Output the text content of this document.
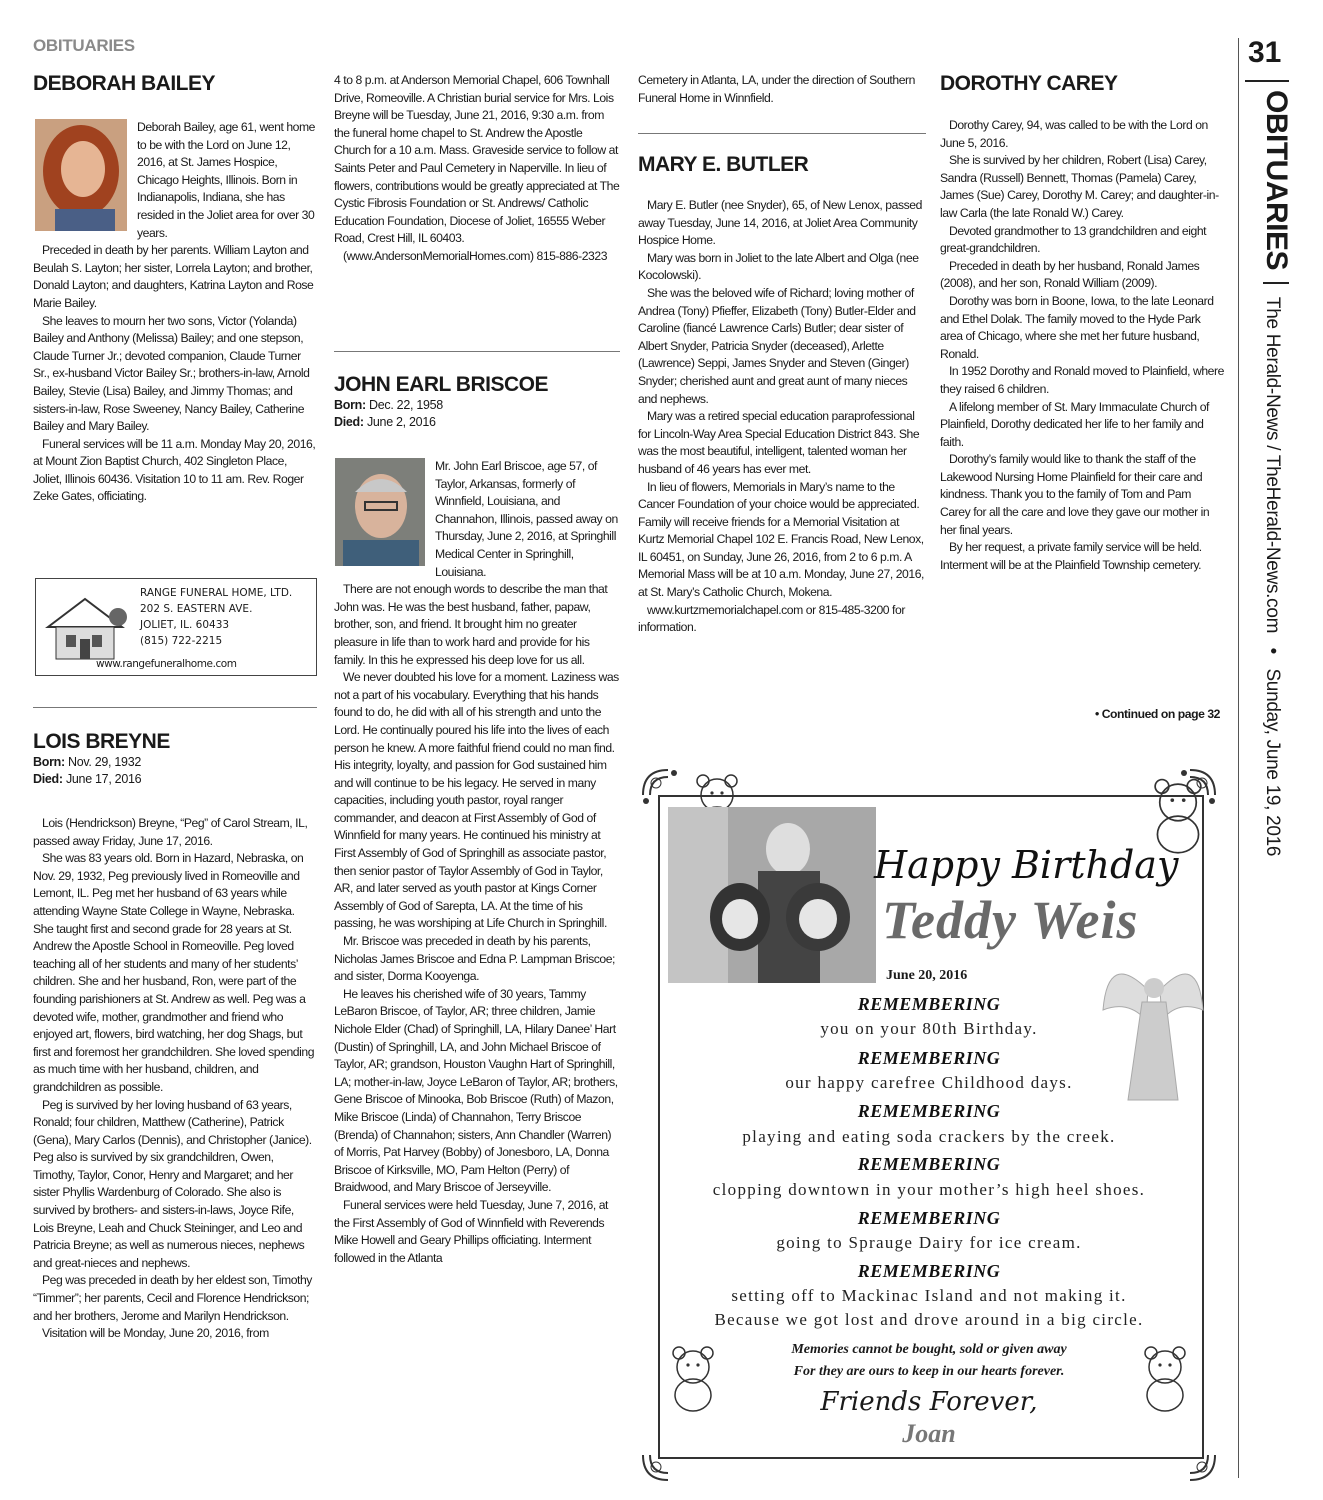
OBITUARIES
DEBORAH BAILEY

Deborah Bailey, age 61, went home to be with the Lord on June 12, 2016, at St. James Hospice, Chicago Heights, Illinois. Born in Indianapolis, Indiana, she has resided in the Joliet area for over 30 years.

Preceded in death by her parents. William Layton and Beulah S. Layton; her sister, Lorrela Layton; and brother, Donald Layton; and daughters, Katrina Layton and Rose Marie Bailey.

She leaves to mourn her two sons, Victor (Yolanda) Bailey and Anthony (Melissa) Bailey; and one stepson, Claude Turner Jr.; devoted companion, Claude Turner Sr., ex-husband Victor Bailey Sr.; brothers-in-law, Arnold Bailey, Stevie (Lisa) Bailey, and Jimmy Thomas; and sisters-in-law, Rose Sweeney, Nancy Bailey, Catherine Bailey and Mary Bailey.

Funeral services will be 11 a.m. Monday May 20, 2016, at Mount Zion Baptist Church, 402 Singleton Place, Joliet, Illinois 60436. Visitation 10 to 11 am. Rev. Roger Zeke Gates, officiating.

RANGE FUNERAL HOME, LTD.
202 S. EASTERN AVE.
JOLIET, IL. 60433
(815) 722-2215
www.rangefuneralhome.com
LOIS BREYNE
Born: Nov. 29, 1932
Died: June 17, 2016

Lois (Hendrickson) Breyne, “Peg” of Carol Stream, IL, passed away Friday, June 17, 2016.

She was 83 years old. Born in Hazard, Nebraska, on Nov. 29, 1932, Peg previously lived in Romeoville and Lemont, IL. Peg met her husband of 63 years while attending Wayne State College in Wayne, Nebraska. She taught first and second grade for 28 years at St. Andrew the Apostle School in Romeoville. Peg loved teaching all of her students and many of her students’ children. She and her husband, Ron, were part of the founding parishioners at St. Andrew as well. Peg was a devoted wife, mother, grandmother and friend who enjoyed art, flowers, bird watching, her dog Shags, but first and foremost her grandchildren. She loved spending as much time with her husband, children, and grandchildren as possible.

Peg is survived by her loving husband of 63 years, Ronald; four children, Matthew (Catherine), Patrick (Gena), Mary Carlos (Dennis), and Christopher (Janice). Peg also is survived by six grandchildren, Owen, Timothy, Taylor, Conor, Henry and Margaret; and her sister Phyllis Wardenburg of Colorado. She also is survived by brothers- and sisters-in-laws, Joyce Rife, Lois Breyne, Leah and Chuck Steininger, and Leo and Patricia Breyne; as well as numerous nieces, nephews and great-nieces and nephews.

Peg was preceded in death by her eldest son, Timothy “Timmer”; her parents, Cecil and Florence Hendrickson; and her brothers, Jerome and Marilyn Hendrickson.

Visitation will be Monday, June 20, 2016, from

4 to 8 p.m. at Anderson Memorial Chapel, 606 Townhall Drive, Romeoville. A Christian burial service for Mrs. Lois Breyne will be Tuesday, June 21, 2016, 9:30 a.m. from the funeral home chapel to St. Andrew the Apostle Church for a 10 a.m. Mass. Graveside service to follow at Saints Peter and Paul Cemetery in Naperville. In lieu of flowers, contributions would be greatly appreciated at The Cystic Fibrosis Foundation or St. Andrews/ Catholic Education Foundation, Diocese of Joliet, 16555 Weber Road, Crest Hill, IL 60403.

(www.AndersonMemorialHomes.com) 815-886-2323

JOHN EARL BRISCOE
Born: Dec. 22, 1958
Died: June 2, 2016

Mr. John Earl Briscoe, age 57, of Taylor, Arkansas, formerly of Winnfield, Louisiana, and Channahon, Illinois, passed away on Thursday, June 2, 2016, at Springhill Medical Center in Springhill, Louisiana.

There are not enough words to describe the man that John was. He was the best husband, father, papaw, brother, son, and friend. It brought him no greater pleasure in life than to work hard and provide for his family. In this he expressed his deep love for us all.

We never doubted his love for a moment. Laziness was not a part of his vocabulary. Everything that his hands found to do, he did with all of his strength and unto the Lord. He continually poured his life into the lives of each person he knew. A more faithful friend could no man find. His integrity, loyalty, and passion for God sustained him and will continue to be his legacy. He served in many capacities, including youth pastor, royal ranger commander, and deacon at First Assembly of God of Winnfield for many years. He continued his ministry at First Assembly of God of Springhill as associate pastor, then senior pastor of Taylor Assembly of God in Taylor, AR, and later served as youth pastor at Kings Corner Assembly of God of Sarepta, LA. At the time of his passing, he was worshiping at Life Church in Springhill.

Mr. Briscoe was preceded in death by his parents, Nicholas James Briscoe and Edna P. Lampman Briscoe; and sister, Dorma Kooyenga.

He leaves his cherished wife of 30 years, Tammy LeBaron Briscoe, of Taylor, AR; three children, Jamie Nichole Elder (Chad) of Springhill, LA, Hilary Danee’ Hart (Dustin) of Springhill, LA, and John Michael Briscoe of Taylor, AR; grandson, Houston Vaughn Hart of Springhill, LA; mother-in-law, Joyce LeBaron of Taylor, AR; brothers, Gene Briscoe of Minooka, Bob Briscoe (Ruth) of Mazon, Mike Briscoe (Linda) of Channahon, Terry Briscoe (Brenda) of Channahon; sisters, Ann Chandler (Warren) of Morris, Pat Harvey (Bobby) of Jonesboro, LA, Donna Briscoe of Kirksville, MO, Pam Helton (Perry) of Braidwood, and Mary Briscoe of Jerseyville.

Funeral services were held Tuesday, June 7, 2016, at the First Assembly of God of Winnfield with Reverends Mike Howell and Geary Phillips officiating. Interment followed in the Atlanta

Cemetery in Atlanta, LA, under the direction of Southern Funeral Home in Winnfield.

MARY E. BUTLER

Mary E. Butler (nee Snyder), 65, of New Lenox, passed away Tuesday, June 14, 2016, at Joliet Area Community Hospice Home.

Mary was born in Joliet to the late Albert and Olga (nee Kocolowski).

She was the beloved wife of Richard; loving mother of Andrea (Tony) Pfieffer, Elizabeth (Tony) Butler-Elder and Caroline (fiancé Lawrence Carls) Butler; dear sister of Albert Snyder, Patricia Snyder (deceased), Arlette (Lawrence) Seppi, James Snyder and Steven (Ginger) Snyder; cherished aunt and great aunt of many nieces and nephews.

Mary was a retired special education paraprofessional for Lincoln-Way Area Special Education District 843. She was the most beautiful, intelligent, talented woman her husband of 46 years has ever met.

In lieu of flowers, Memorials in Mary’s name to the Cancer Foundation of your choice would be appreciated. Family will receive friends for a Memorial Visitation at Kurtz Memorial Chapel 102 E. Francis Road, New Lenox, IL 60451, on Sunday, June 26, 2016, from 2 to 6 p.m. A Memorial Mass will be at 10 a.m. Monday, June 27, 2016, at St. Mary’s Catholic Church, Mokena.

www.kurtzmemorialchapel.com or 815-485-3200 for information.

DOROTHY CAREY

Dorothy Carey, 94, was called to be with the Lord on June 5, 2016.

She is survived by her children, Robert (Lisa) Carey, Sandra (Russell) Bennett, Thomas (Pamela) Carey, James (Sue) Carey, Dorothy M. Carey; and daughter-in-law Carla (the late Ronald W.) Carey.

Devoted grandmother to 13 grandchildren and eight great-grandchildren.

Preceded in death by her husband, Ronald James (2008), and her son, Ronald William (2009).

Dorothy was born in Boone, Iowa, to the late Leonard and Ethel Dolak. The family moved to the Hyde Park area of Chicago, where she met her future husband, Ronald.

In 1952 Dorothy and Ronald moved to Plainfield, where they raised 6 children.

A lifelong member of St. Mary Immaculate Church of Plainfield, Dorothy dedicated her life to her family and faith.

Dorothy’s family would like to thank the staff of the Lakewood Nursing Home Plainfield for their care and kindness. Thank you to the family of Tom and Pam Carey for all the care and love they gave our mother in her final years.

By her request, a private family service will be held. Interment will be at the Plainfield Township cemetery.

• Continued on page 32
31
OBITUARIES  The Herald-News / TheHerald-News.com • Sunday, June 19, 2016
Happy Birthday
Teddy Weis
June 20, 2016
REMEMBERING
you on your 80th Birthday.
REMEMBERING
our happy carefree Childhood days.
REMEMBERING
playing and eating soda crackers by the creek.
REMEMBERING
clopping downtown in your mother’s high heel shoes.
REMEMBERING
going to Sprauge Dairy for ice cream.
REMEMBERING
setting off to Mackinac Island and not making it.
Because we got lost and drove around in a big circle.
Memories cannot be bought, sold or given away
For they are ours to keep in our hearts forever.
Friends Forever,
Joan
